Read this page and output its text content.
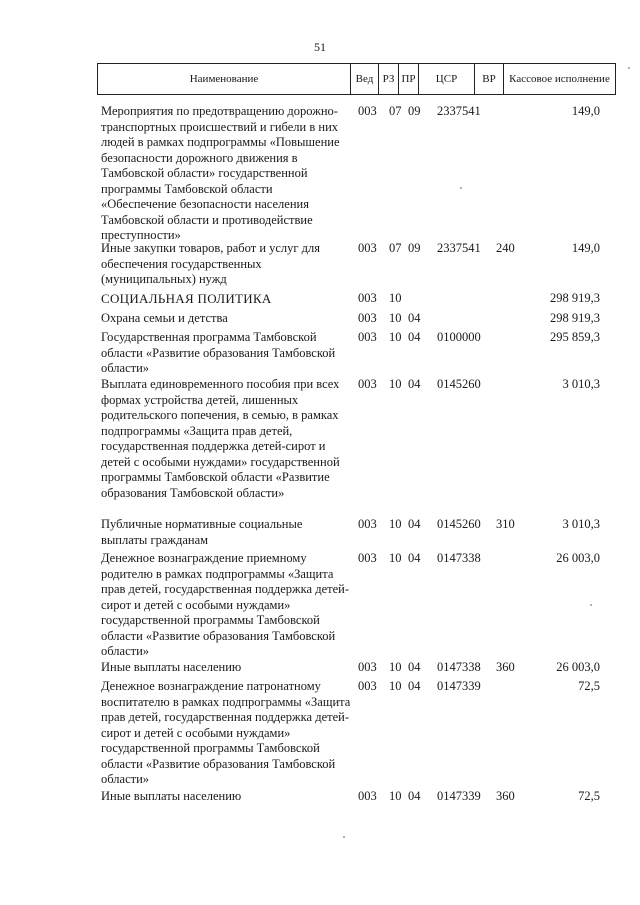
51
Наименование	Вед	РЗ	ПР	ЦСР	ВР	Кассовое исполнение
Мероприятия по предотвращению дорожно-транспортных происшествий и гибели в них людей в рамках подпрограммы «Повышение безопасности дорожного движения в Тамбовской области» государственной программы Тамбовской области «Обеспечение безопасности населения Тамбовской области и противодействие преступности»
003 07 09 2337541	149,0
Иные закупки товаров, работ и услуг для обеспечения государственных (муниципальных) нужд
003 07 09 2337541 240	149,0
СОЦИАЛЬНАЯ ПОЛИТИКА	003 10	298 919,3
Охрана семьи и детства	003 10 04	298 919,3
Государственная программа Тамбовской области «Развитие образования Тамбовской области»
003 10 04 0100000	295 859,3
Выплата единовременного пособия при всех формах устройства детей, лишенных родительского попечения, в семью, в рамках подпрограммы «Защита прав детей, государственная поддержка детей-сирот и детей с особыми нуждами» государственной программы Тамбовской области «Развитие образования Тамбовской области»
003 10 04 0145260	3 010,3
Публичные нормативные социальные выплаты гражданам
003 10 04 0145260 310	3 010,3
Денежное вознаграждение приемному родителю в рамках подпрограммы «Защита прав детей, государственная поддержка детей-сирот и детей с особыми нуждами» государственной программы Тамбовской области «Развитие образования Тамбовской области»
003 10 04 0147338	26 003,0
Иные выплаты населению	003 10 04 0147338 360	26 003,0
Денежное вознаграждение патронатному воспитателю в рамках подпрограммы «Защита прав детей, государственная поддержка детей-сирот и детей с особыми нуждами» государственной программы Тамбовской области «Развитие образования Тамбовской области»
003 10 04 0147339	72,5
Иные выплаты населению	003 10 04 0147339 360	72,5
